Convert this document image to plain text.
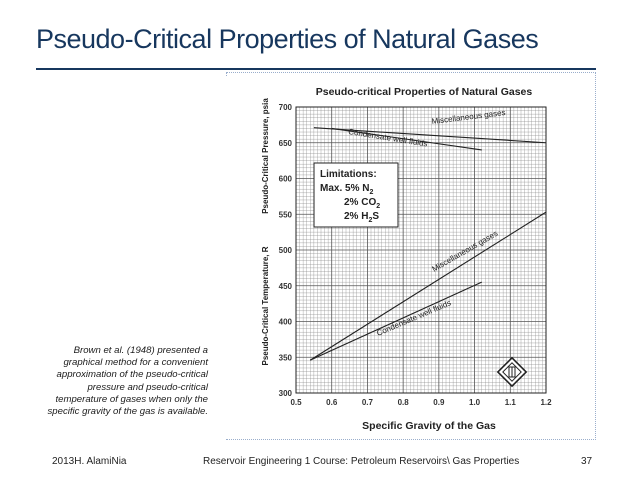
Pseudo-Critical Properties of Natural Gases
Pseudo-critical Properties of Natural Gases
0.5	0.6	0.7	0.8	0.9	1.0	1.1	1.2
300
350
400
450
500
550
600
650
700
Specific Gravity of the Gas
Pseudo-Critical Pressure, psia
Pseudo-Critical Temperature, R
Limitations:
Max. 5% $N_2$
2% $CO_2$
2% $H_2S$
Miscellaneous gases
Condensate well fluids
Miscellaneous gases
Condensate well fluids

Brown et al. (1948) presented a graphical method for a convenient approximation of the pseudo-critical pressure and pseudo-critical temperature of gases when only the specific gravity of the gas is available.

2013H. AlamiNia	Reservoir Engineering 1 Course: Petroleum Reservoirs\ Gas Properties	37
